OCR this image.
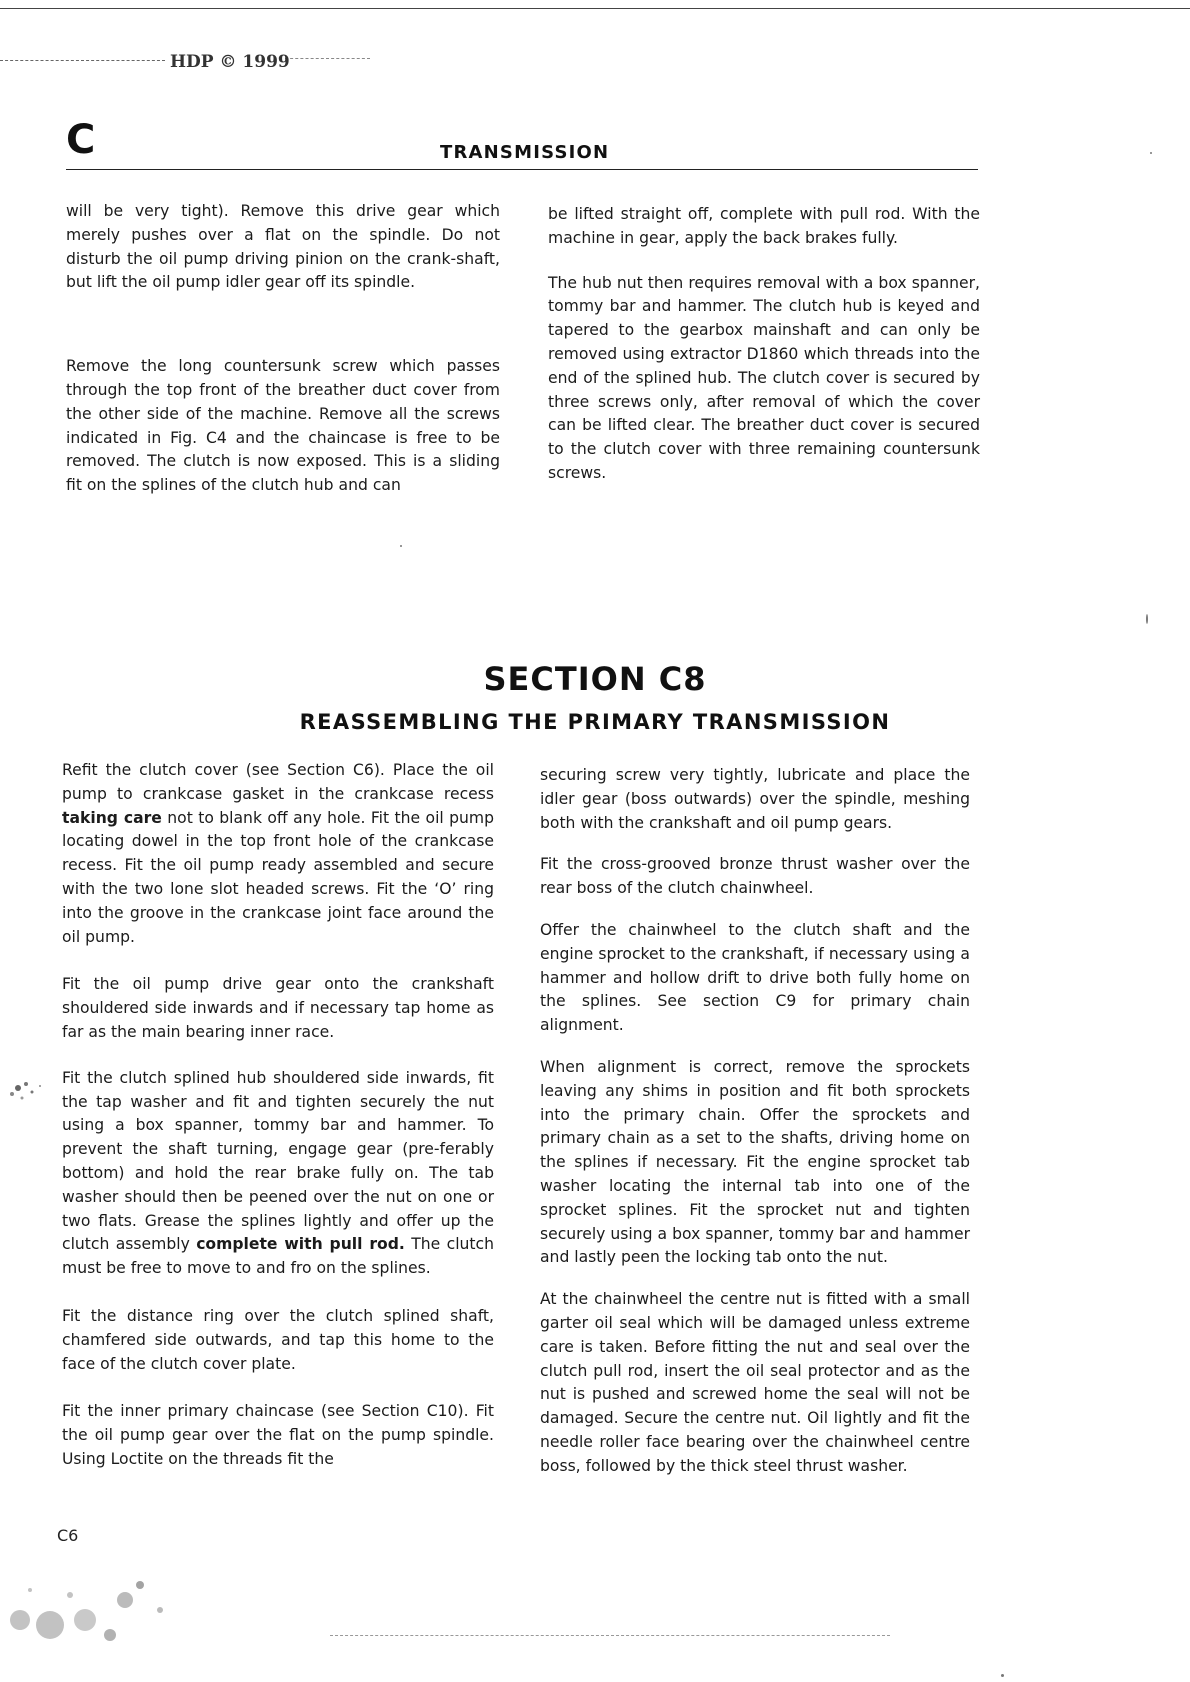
HDP © 1999
C	TRANSMISSION

will be very tight). Remove this drive gear which merely pushes over a flat on the spindle. Do not disturb the oil pump driving pinion on the crank-shaft, but lift the oil pump idler gear off its spindle.

Remove the long countersunk screw which passes through the top front of the breather duct cover from the other side of the machine. Remove all the screws indicated in Fig. C4 and the chaincase is free to be removed. The clutch is now exposed. This is a sliding fit on the splines of the clutch hub and can

be lifted straight off, complete with pull rod. With the machine in gear, apply the back brakes fully.

The hub nut then requires removal with a box spanner, tommy bar and hammer. The clutch hub is keyed and tapered to the gearbox mainshaft and can only be removed using extractor D1860 which threads into the end of the splined hub. The clutch cover is secured by three screws only, after removal of which the cover can be lifted clear. The breather duct cover is secured to the clutch cover with three remaining countersunk screws.

SECTION C8
REASSEMBLING THE PRIMARY TRANSMISSION

Refit the clutch cover (see Section C6). Place the oil pump to crankcase gasket in the crankcase recess taking care not to blank off any hole. Fit the oil pump locating dowel in the top front hole of the crankcase recess. Fit the oil pump ready assembled and secure with the two lone slot headed screws. Fit the ‘O’ ring into the groove in the crankcase joint face around the oil pump.

Fit the oil pump drive gear onto the crankshaft shouldered side inwards and if necessary tap home as far as the main bearing inner race.

Fit the clutch splined hub shouldered side inwards, fit the tap washer and fit and tighten securely the nut using a box spanner, tommy bar and hammer. To prevent the shaft turning, engage gear (pre-ferably bottom) and hold the rear brake fully on. The tab washer should then be peened over the nut on one or two flats. Grease the splines lightly and offer up the clutch assembly complete with pull rod. The clutch must be free to move to and fro on the splines.

Fit the distance ring over the clutch splined shaft, chamfered side outwards, and tap this home to the face of the clutch cover plate.

Fit the inner primary chaincase (see Section C10). Fit the oil pump gear over the flat on the pump spindle. Using Loctite on the threads fit the

securing screw very tightly, lubricate and place the idler gear (boss outwards) over the spindle, meshing both with the crankshaft and oil pump gears.

Fit the cross-grooved bronze thrust washer over the rear boss of the clutch chainwheel.

Offer the chainwheel to the clutch shaft and the engine sprocket to the crankshaft, if necessary using a hammer and hollow drift to drive both fully home on the splines. See section C9 for primary chain alignment.

When alignment is correct, remove the sprockets leaving any shims in position and fit both sprockets into the primary chain. Offer the sprockets and primary chain as a set to the shafts, driving home on the splines if necessary. Fit the engine sprocket tab washer locating the internal tab into one of the sprocket splines. Fit the sprocket nut and tighten securely using a box spanner, tommy bar and hammer and lastly peen the locking tab onto the nut.

At the chainwheel the centre nut is fitted with a small garter oil seal which will be damaged unless extreme care is taken. Before fitting the nut and seal over the clutch pull rod, insert the oil seal protector and as the nut is pushed and screwed home the seal will not be damaged. Secure the centre nut. Oil lightly and fit the needle roller face bearing over the chainwheel centre boss, followed by the thick steel thrust washer.

C6
